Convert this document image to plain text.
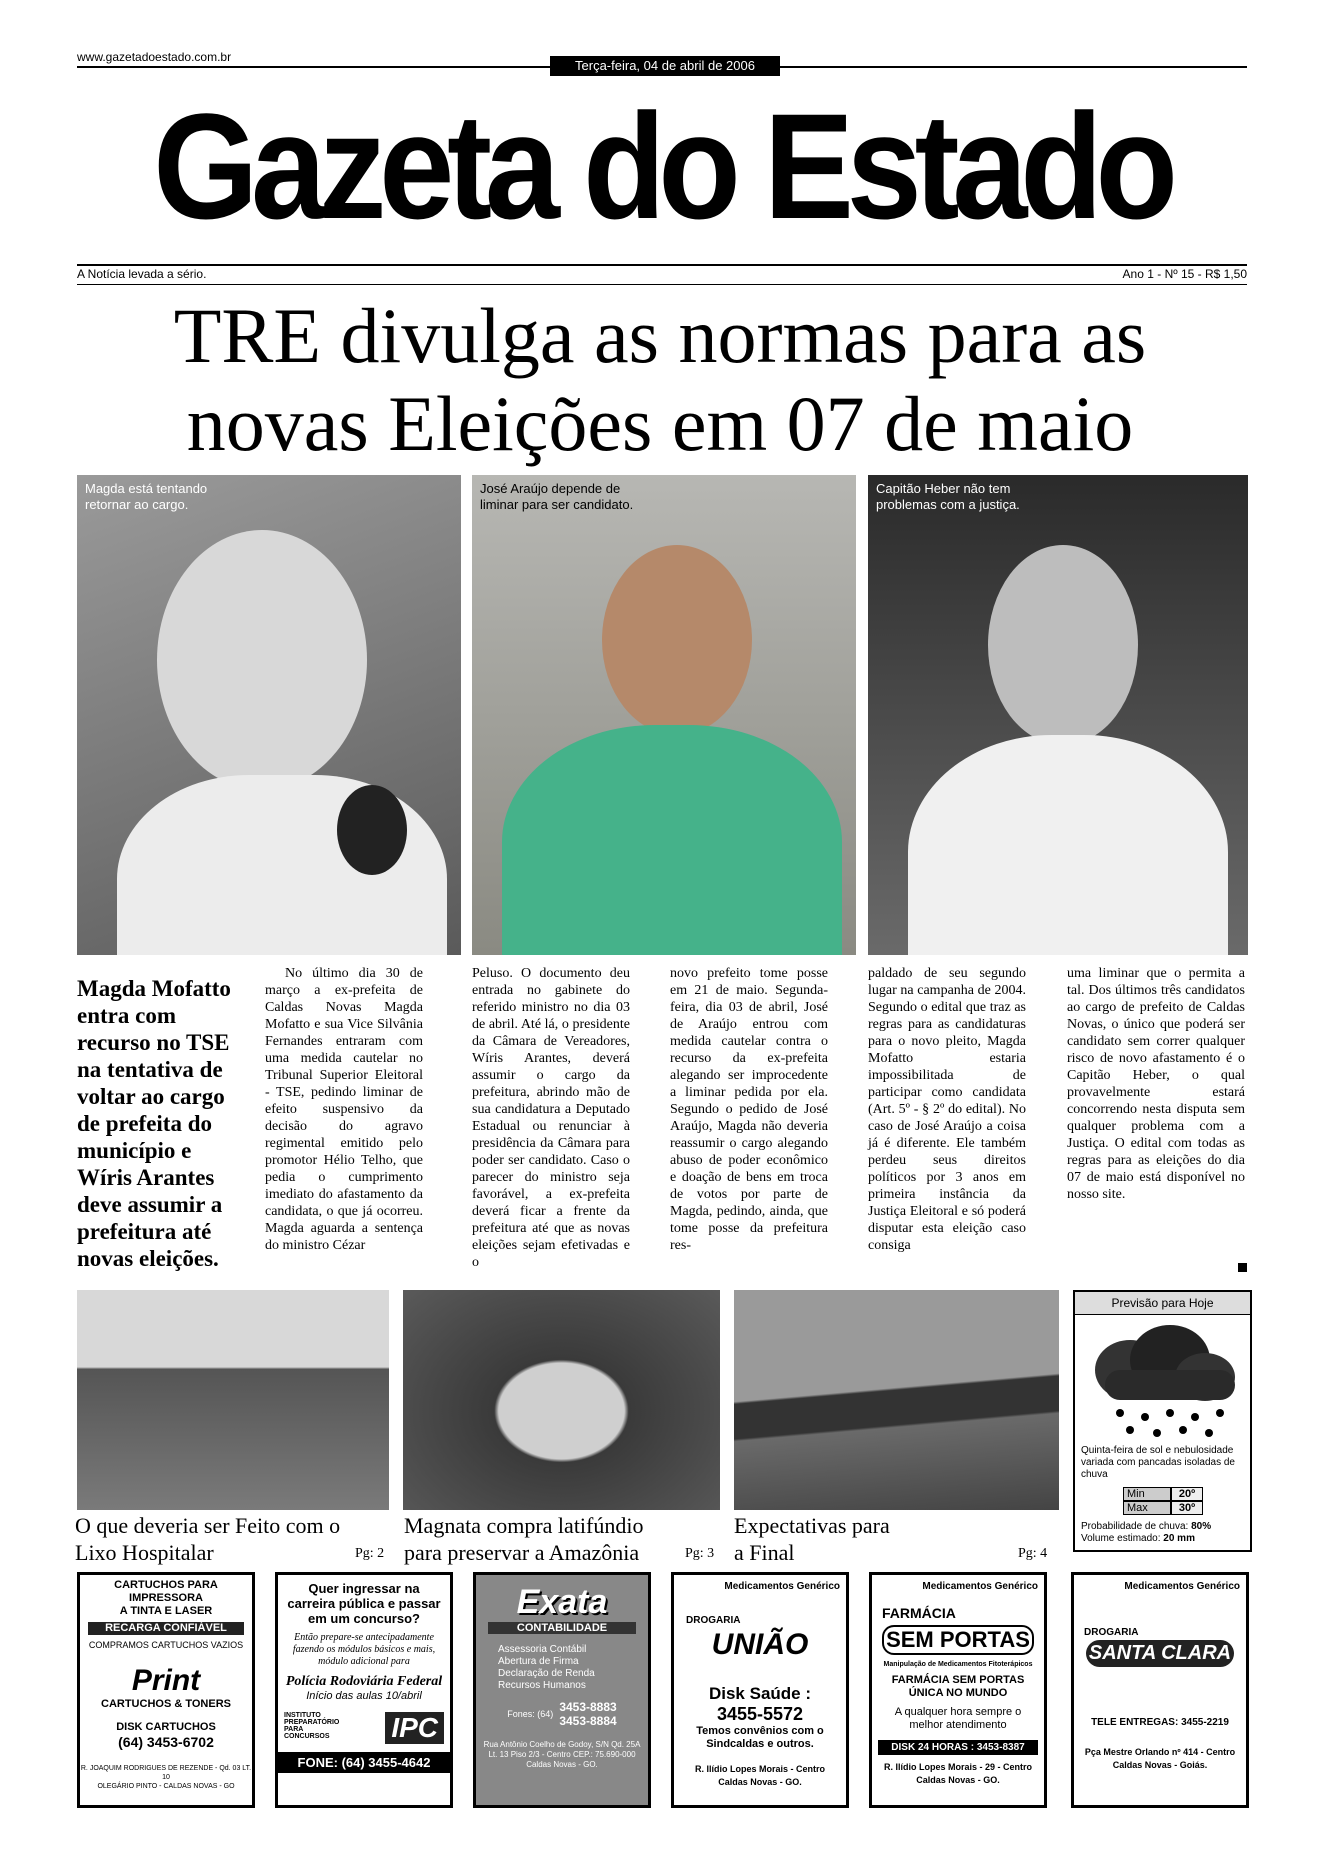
www.gazetadoestado.com.br
Terça-feira, 04 de abril de 2006
Gazeta do Estado
A Notícia levada a sério.	Ano 1 - Nº 15 - R$ 1,50
TRE divulga as normas para as
novas Eleições em 07 de maio
Magda está tentando
retornar ao cargo.
José Araújo depende de
liminar para ser candidato.
Capitão Heber não tem
problemas com a justiça.
Magda Mofatto entra com recurso no TSE na tentativa de voltar ao cargo de prefeita do município e Wíris Arantes deve assumir a prefeitura até novas eleições.

No último dia 30 de março a ex-prefeita de Caldas Novas Magda Mofatto e sua Vice Silvânia Fernandes entraram com uma medida cautelar no Tribunal Superior Eleitoral - TSE, pedindo liminar de efeito suspensivo da decisão do agravo regimental emitido pelo promotor Hélio Telho, que pedia o cumprimento imediato do afastamento da candidata, o que já ocorreu. Magda aguarda a sentença do ministro Cézar

Peluso. O documento deu entrada no gabinete do referido ministro no dia 03 de abril. Até lá, o presidente da Câmara de Vereadores, Wíris Arantes, deverá assumir o cargo da prefeitura, abrindo mão de sua candidatura a Deputado Estadual ou renunciar à presidência da Câmara para poder ser candidato. Caso o parecer do ministro seja favorável, a ex-prefeita deverá ficar a frente da prefeitura até que as novas eleições sejam efetivadas e o

novo prefeito tome posse em 21 de maio. Segunda-feira, dia 03 de abril, José de Araújo entrou com medida cautelar contra o recurso da ex-prefeita alegando ser improcedente a liminar pedida por ela. Segundo o pedido de José Araújo, Magda não deveria reassumir o cargo alegando abuso de poder econômico e doação de bens em troca de votos por parte de Magda, pedindo, ainda, que tome posse da prefeitura res-

paldado de seu segundo lugar na campanha de 2004. Segundo o edital que traz as regras para as candidaturas para o novo pleito, Magda Mofatto estaria impossibilitada de participar como candidata (Art. 5º - § 2º do edital). No caso de José Araújo a coisa já é diferente. Ele também perdeu seus direitos políticos por 3 anos em primeira instância da Justiça Eleitoral e só poderá disputar esta eleição caso consiga

uma liminar que o permita a tal. Dos últimos três candidatos ao cargo de prefeito de Caldas Novas, o único que poderá ser candidato sem correr qualquer risco de novo afastamento é o Capitão Heber, o qual provavelmente estará concorrendo nesta disputa sem qualquer problema com a Justiça. O edital com todas as regras para as eleições do dia 07 de maio está disponível no nosso site.

O que deveria ser Feito com o
Lixo Hospitalar	Pg: 2
Magnata compra latifúndio
para preservar a Amazônia	Pg: 3
Expectativas para
a Final	Pg: 4
Previsão para Hoje
Quinta-feira de sol e nebulosidade variada com pancadas isoladas de chuva
Min	20º
Max	30º
Probabilidade de chuva: 80%
Volume estimado: 20 mm
CARTUCHOS PARA IMPRESSORA
A TINTA E LASER
RECARGA CONFIÁVEL
COMPRAMOS CARTUCHOS VAZIOS
Print
CARTUCHOS & TONERS
DISK CARTUCHOS
(64) 3453-6702
R. JOAQUIM RODRIGUES DE REZENDE - Qd. 03 LT. 10
OLEGÁRIO PINTO - CALDAS NOVAS - GO
Quer ingressar na carreira pública e passar em um concurso?
Então prepare-se antecipadamente fazendo os módulos básicos e mais, módulo adicional para
Polícia Rodoviária Federal
Início das aulas 10/abril
INSTITUTO PREPARATÓRIO PARA CONCURSOS	IPC
FONE: (64) 3455-4642
Exata
CONTABILIDADE
Assessoria Contábil
Abertura de Firma
Declaração de Renda
Recursos Humanos
Fones: (64) 3453-8883
3453-8884
Rua Antônio Coelho de Godoy, S/N Qd. 25A Lt. 13 Piso 2/3 - Centro CEP.: 75.690-000 Caldas Novas - GO.
Medicamentos Genérico
DROGARIA
UNIÃO
Disk Saúde :
3455-5572
Temos convênios com o Sindcaldas e outros.
R. Ilídio Lopes Morais - Centro
Caldas Novas - GO.
Medicamentos Genérico
FARMÁCIA
SEM PORTAS
Manipulação de Medicamentos Fitoterápicos
FARMÁCIA SEM PORTAS ÚNICA NO MUNDO
A qualquer hora sempre o melhor atendimento
DISK 24 HORAS : 3453-8387
R. Ilídio Lopes Morais - 29 - Centro
Caldas Novas - GO.
Medicamentos Genérico
DROGARIA
SANTA CLARA
TELE ENTREGAS: 3455-2219
Pça Mestre Orlando nº 414 - Centro
Caldas Novas - Goiás.
